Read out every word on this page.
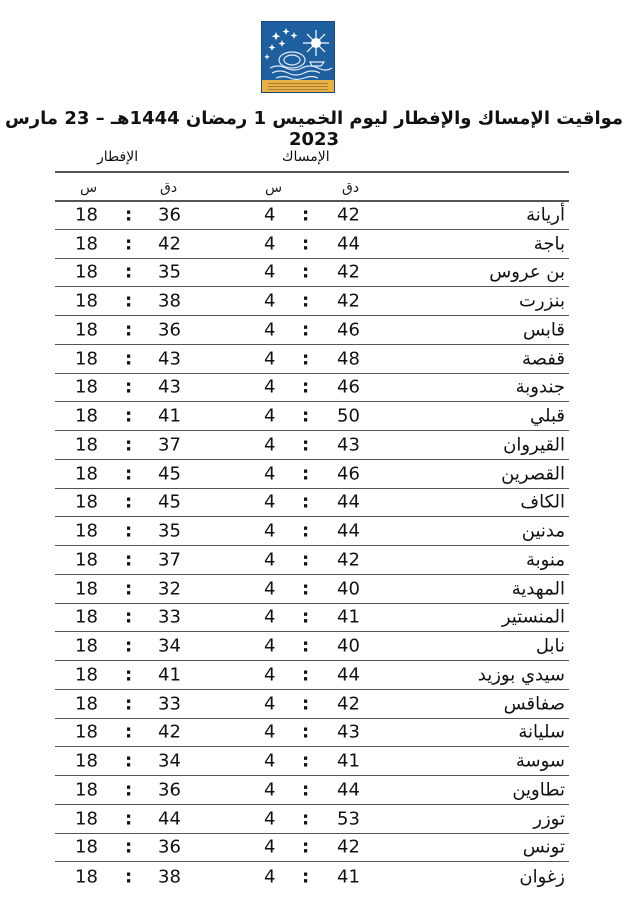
مواقيت الإمساك والإفطار ليوم الخميس 1 رمضان 1444هـ – 23 مارس 2023
الإمساك
الإفطار
س	دق	س	دق
18 : 36	4 : 42	أريانة
18 : 42	4 : 44	باجة
18 : 35	4 : 42	بن عروس
18 : 38	4 : 42	بنزرت
18 : 36	4 : 46	قابس
18 : 43	4 : 48	قفصة
18 : 43	4 : 46	جندوبة
18 : 41	4 : 50	قبلي
18 : 37	4 : 43	القيروان
18 : 45	4 : 46	القصرين
18 : 45	4 : 44	الكاف
18 : 35	4 : 44	مدنين
18 : 37	4 : 42	منوبة
18 : 32	4 : 40	المهدية
18 : 33	4 : 41	المنستير
18 : 34	4 : 40	نابل
18 : 41	4 : 44	سيدي بوزيد
18 : 33	4 : 42	صفاقس
18 : 42	4 : 43	سليانة
18 : 34	4 : 41	سوسة
18 : 36	4 : 44	تطاوين
18 : 44	4 : 53	توزر
18 : 36	4 : 42	تونس
18 : 38	4 : 41	زغوان
